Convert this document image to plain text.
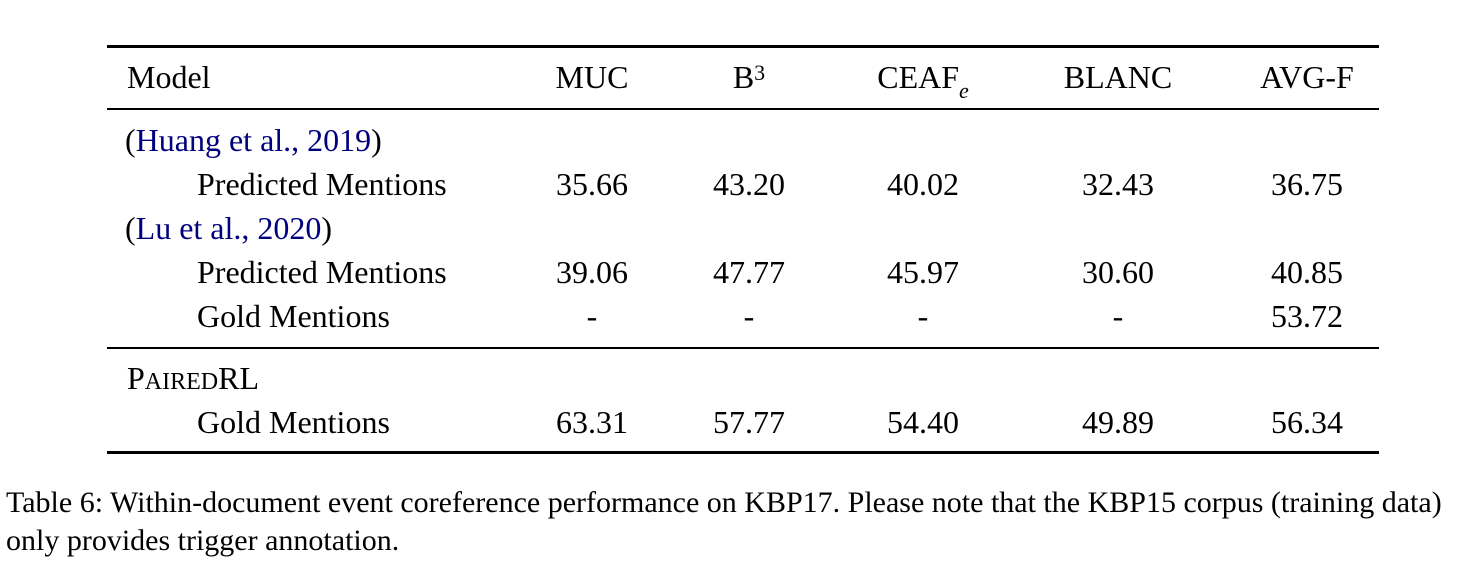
Model	MUC	$B^3$	$CEAF_e$	BLANC	AVG-F
(Huang et al., 2019)
Predicted Mentions	35.66	43.20	40.02	32.43	36.75
(Lu et al., 2020)
Predicted Mentions	39.06	47.77	45.97	30.60	40.85
Gold Mentions	-	-	-	-	53.72
PAIREDRL
Gold Mentions	63.31	57.77	54.40	49.89	56.34
Table 6: Within-document event coreference performance on KBP17. Please note that the KBP15 corpus (training data) only provides trigger annotation.
